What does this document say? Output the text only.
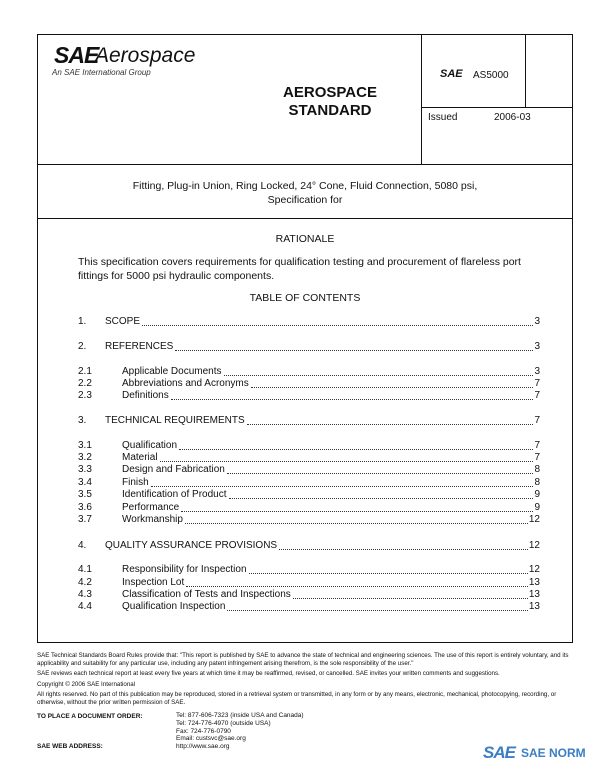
SAE
Aerospace
An SAE International Group
AEROSPACE STANDARD
SAE AS5000
Issued	2006-03
Fitting, Plug-in Union, Ring Locked, 24° Cone, Fluid Connection, 5080 psi, Specification for
RATIONALE
This specification covers requirements for qualification testing and procurement of flareless port fittings for 5000 psi hydraulic components.
TABLE OF CONTENTS
1.	SCOPE	3
2.	REFERENCES	3
2.1	Applicable Documents	3
2.2	Abbreviations and Acronyms	7
2.3	Definitions	7
3.	TECHNICAL REQUIREMENTS	7
3.1	Qualification	7
3.2	Material	7
3.3	Design and Fabrication	8
3.4	Finish	8
3.5	Identification of Product	9
3.6	Performance	9
3.7	Workmanship	12
4.	QUALITY ASSURANCE PROVISIONS	12
4.1	Responsibility for Inspection	12
4.2	Inspection Lot	13
4.3	Classification of Tests and Inspections	13
4.4	Qualification Inspection	13
SAE Technical Standards Board Rules provide that: "This report is published by SAE to advance the state of technical and engineering sciences. The use of this report is entirely voluntary, and its applicability and suitability for any particular use, including any patent infringement arising therefrom, is the sole responsibility of the user."
SAE reviews each technical report at least every five years at which time it may be reaffirmed, revised, or cancelled. SAE invites your written comments and suggestions.
Copyright © 2006 SAE International
All rights reserved. No part of this publication may be reproduced, stored in a retrieval system or transmitted, in any form or by any means, electronic, mechanical, photocopying, recording, or otherwise, without the prior written permission of SAE.
TO PLACE A DOCUMENT ORDER:	Tel: 877-606-7323 (inside USA and Canada)
Tel: 724-776-4970 (outside USA)
Fax: 724-776-0790
Email: custsvc@sae.org
SAE WEB ADDRESS:	http://www.sae.org	SAE SAE NORM
